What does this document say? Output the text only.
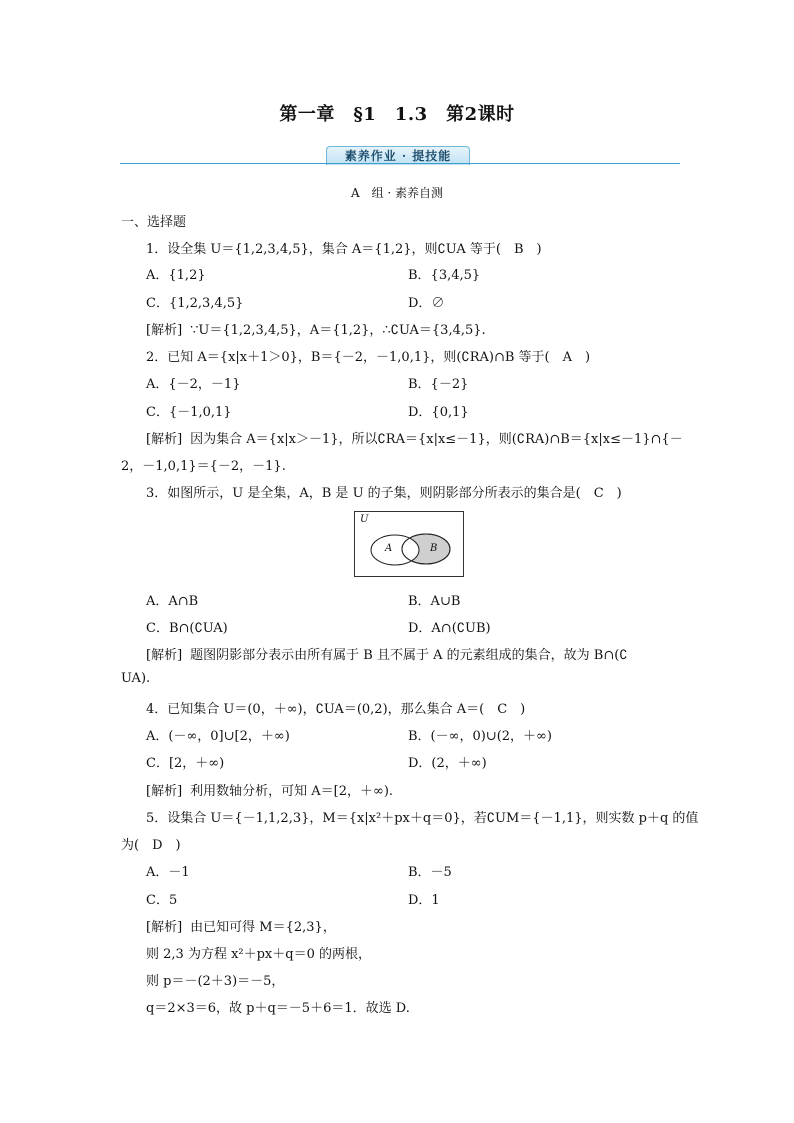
第一章　§1　1.3　第2课时
素养作业 · 提技能
A　组 · 素养自测
一、选择题
1．设全集 U＝{1,2,3,4,5}，集合 A＝{1,2}，则∁UA 等于(　B　)
A．{1,2}	B．{3,4,5}
C．{1,2,3,4,5}	D．∅
[解析] ∵U＝{1,2,3,4,5}，A＝{1,2}，∴∁UA＝{3,4,5}.
2．已知 A＝{x|x＋1＞0}，B＝{－2，－1,0,1}，则(∁RA)∩B 等于(　A　)
A．{－2，－1}	B．{－2}
C．{－1,0,1}	D．{0,1}
[解析] 因为集合 A＝{x|x＞－1}，所以∁RA＝{x|x≤－1}，则(∁RA)∩B＝{x|x≤－1}∩{－
2，－1,0,1}＝{－2，－1}.
3．如图所示，U 是全集，A，B 是 U 的子集，则阴影部分所表示的集合是(　C　)
U
A	B
A．A∩B	B．A∪B
C．B∩(∁UA)	D．A∩(∁UB)
[解析] 题图阴影部分表示由所有属于 B 且不属于 A 的元素组成的集合，故为 B∩(∁
UA).
4．已知集合 U＝(0，＋∞)，∁UA＝(0,2)，那么集合 A＝(　C　)
A．(－∞，0]∪[2，＋∞)	B．(－∞，0)∪(2，＋∞)
C．[2，＋∞)	D．(2，＋∞)
[解析] 利用数轴分析，可知 A＝[2，＋∞).
5．设集合 U＝{－1,1,2,3}，M＝{x|x²＋px＋q＝0}，若∁UM＝{－1,1}，则实数 p＋q 的值
为(　D　)
A．－1	B．－5
C．5	D．1
[解析] 由已知可得 M＝{2,3}，
则 2,3 为方程 x²＋px＋q＝0 的两根，
则 p＝－(2＋3)＝－5，
q＝2×3＝6，故 p＋q＝－5＋6＝1．故选 D.
